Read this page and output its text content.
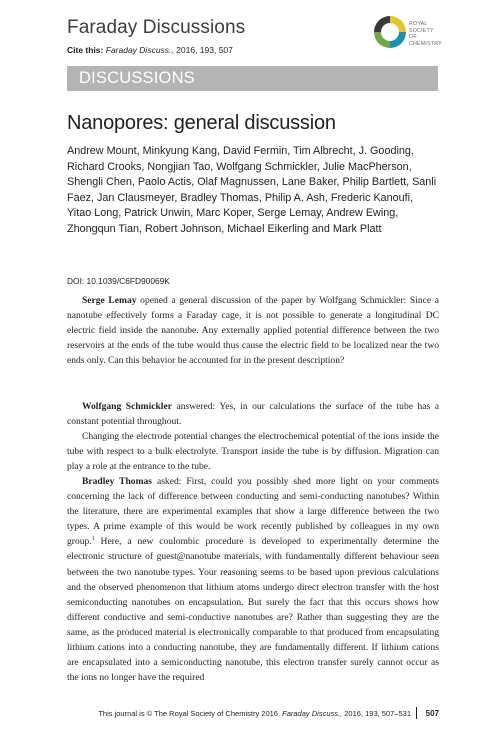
Faraday Discussions
Cite this: Faraday Discuss., 2016, 193, 507
ROYAL SOCIETY
OF CHEMISTRY
DISCUSSIONS
Nanopores: general discussion
Andrew Mount, Minkyung Kang, David Fermin, Tim Albrecht, J. Gooding, Richard Crooks, Nongjian Tao, Wolfgang Schmickler, Julie MacPherson, Shengli Chen, Paolo Actis, Olaf Magnussen, Lane Baker, Philip Bartlett, Sanli Faez, Jan Clausmeyer, Bradley Thomas, Philip A. Ash, Frederic Kanoufi, Yitao Long, Patrick Unwin, Marc Koper, Serge Lemay, Andrew Ewing, Zhongqun Tian, Robert Johnson, Michael Eikerling and Mark Platt
DOI: 10.1039/C6FD90069K

Serge Lemay opened a general discussion of the paper by Wolfgang Schmickler: Since a nanotube effectively forms a Faraday cage, it is not possible to generate a longitudinal DC electric field inside the nanotube. Any externally applied potential difference between the two reservoirs at the ends of the tube would thus cause the electric field to be localized near the two ends only. Can this behavior be accounted for in the present description?

Wolfgang Schmickler answered: Yes, in our calculations the surface of the tube has a constant potential throughout.

Changing the electrode potential changes the electrochemical potential of the ions inside the tube with respect to a bulk electrolyte. Transport inside the tube is by diffusion. Migration can play a role at the entrance to the tube.

Bradley Thomas asked: First, could you possibly shed more light on your comments concerning the lack of difference between conducting and semi-conducting nanotubes? Within the literature, there are experimental examples that show a large difference between the two types. A prime example of this would be work recently published by colleagues in my own group.$^1$ Here, a new coulombic procedure is developed to experimentally determine the electronic structure of guest@nanotube materials, with fundamentally different behaviour seen between the two nanotube types. Your reasoning seems to be based upon previous calculations and the observed phenomenon that lithium atoms undergo direct electron transfer with the host semiconducting nanotubes on encapsulation. But surely the fact that this occurs shows how different conductive and semi-conductive nanotubes are? Rather than suggesting they are the same, as the produced material is electronically comparable to that produced from encapsulating lithium cations into a conducting nanotube, they are fundamentally different. If lithium cations are encapsulated into a semiconducting nanotube, this electron transfer surely cannot occur as the ions no longer have the required

This journal is © The Royal Society of Chemistry 2016 Faraday Discuss., 2016, 193, 507–531 507
